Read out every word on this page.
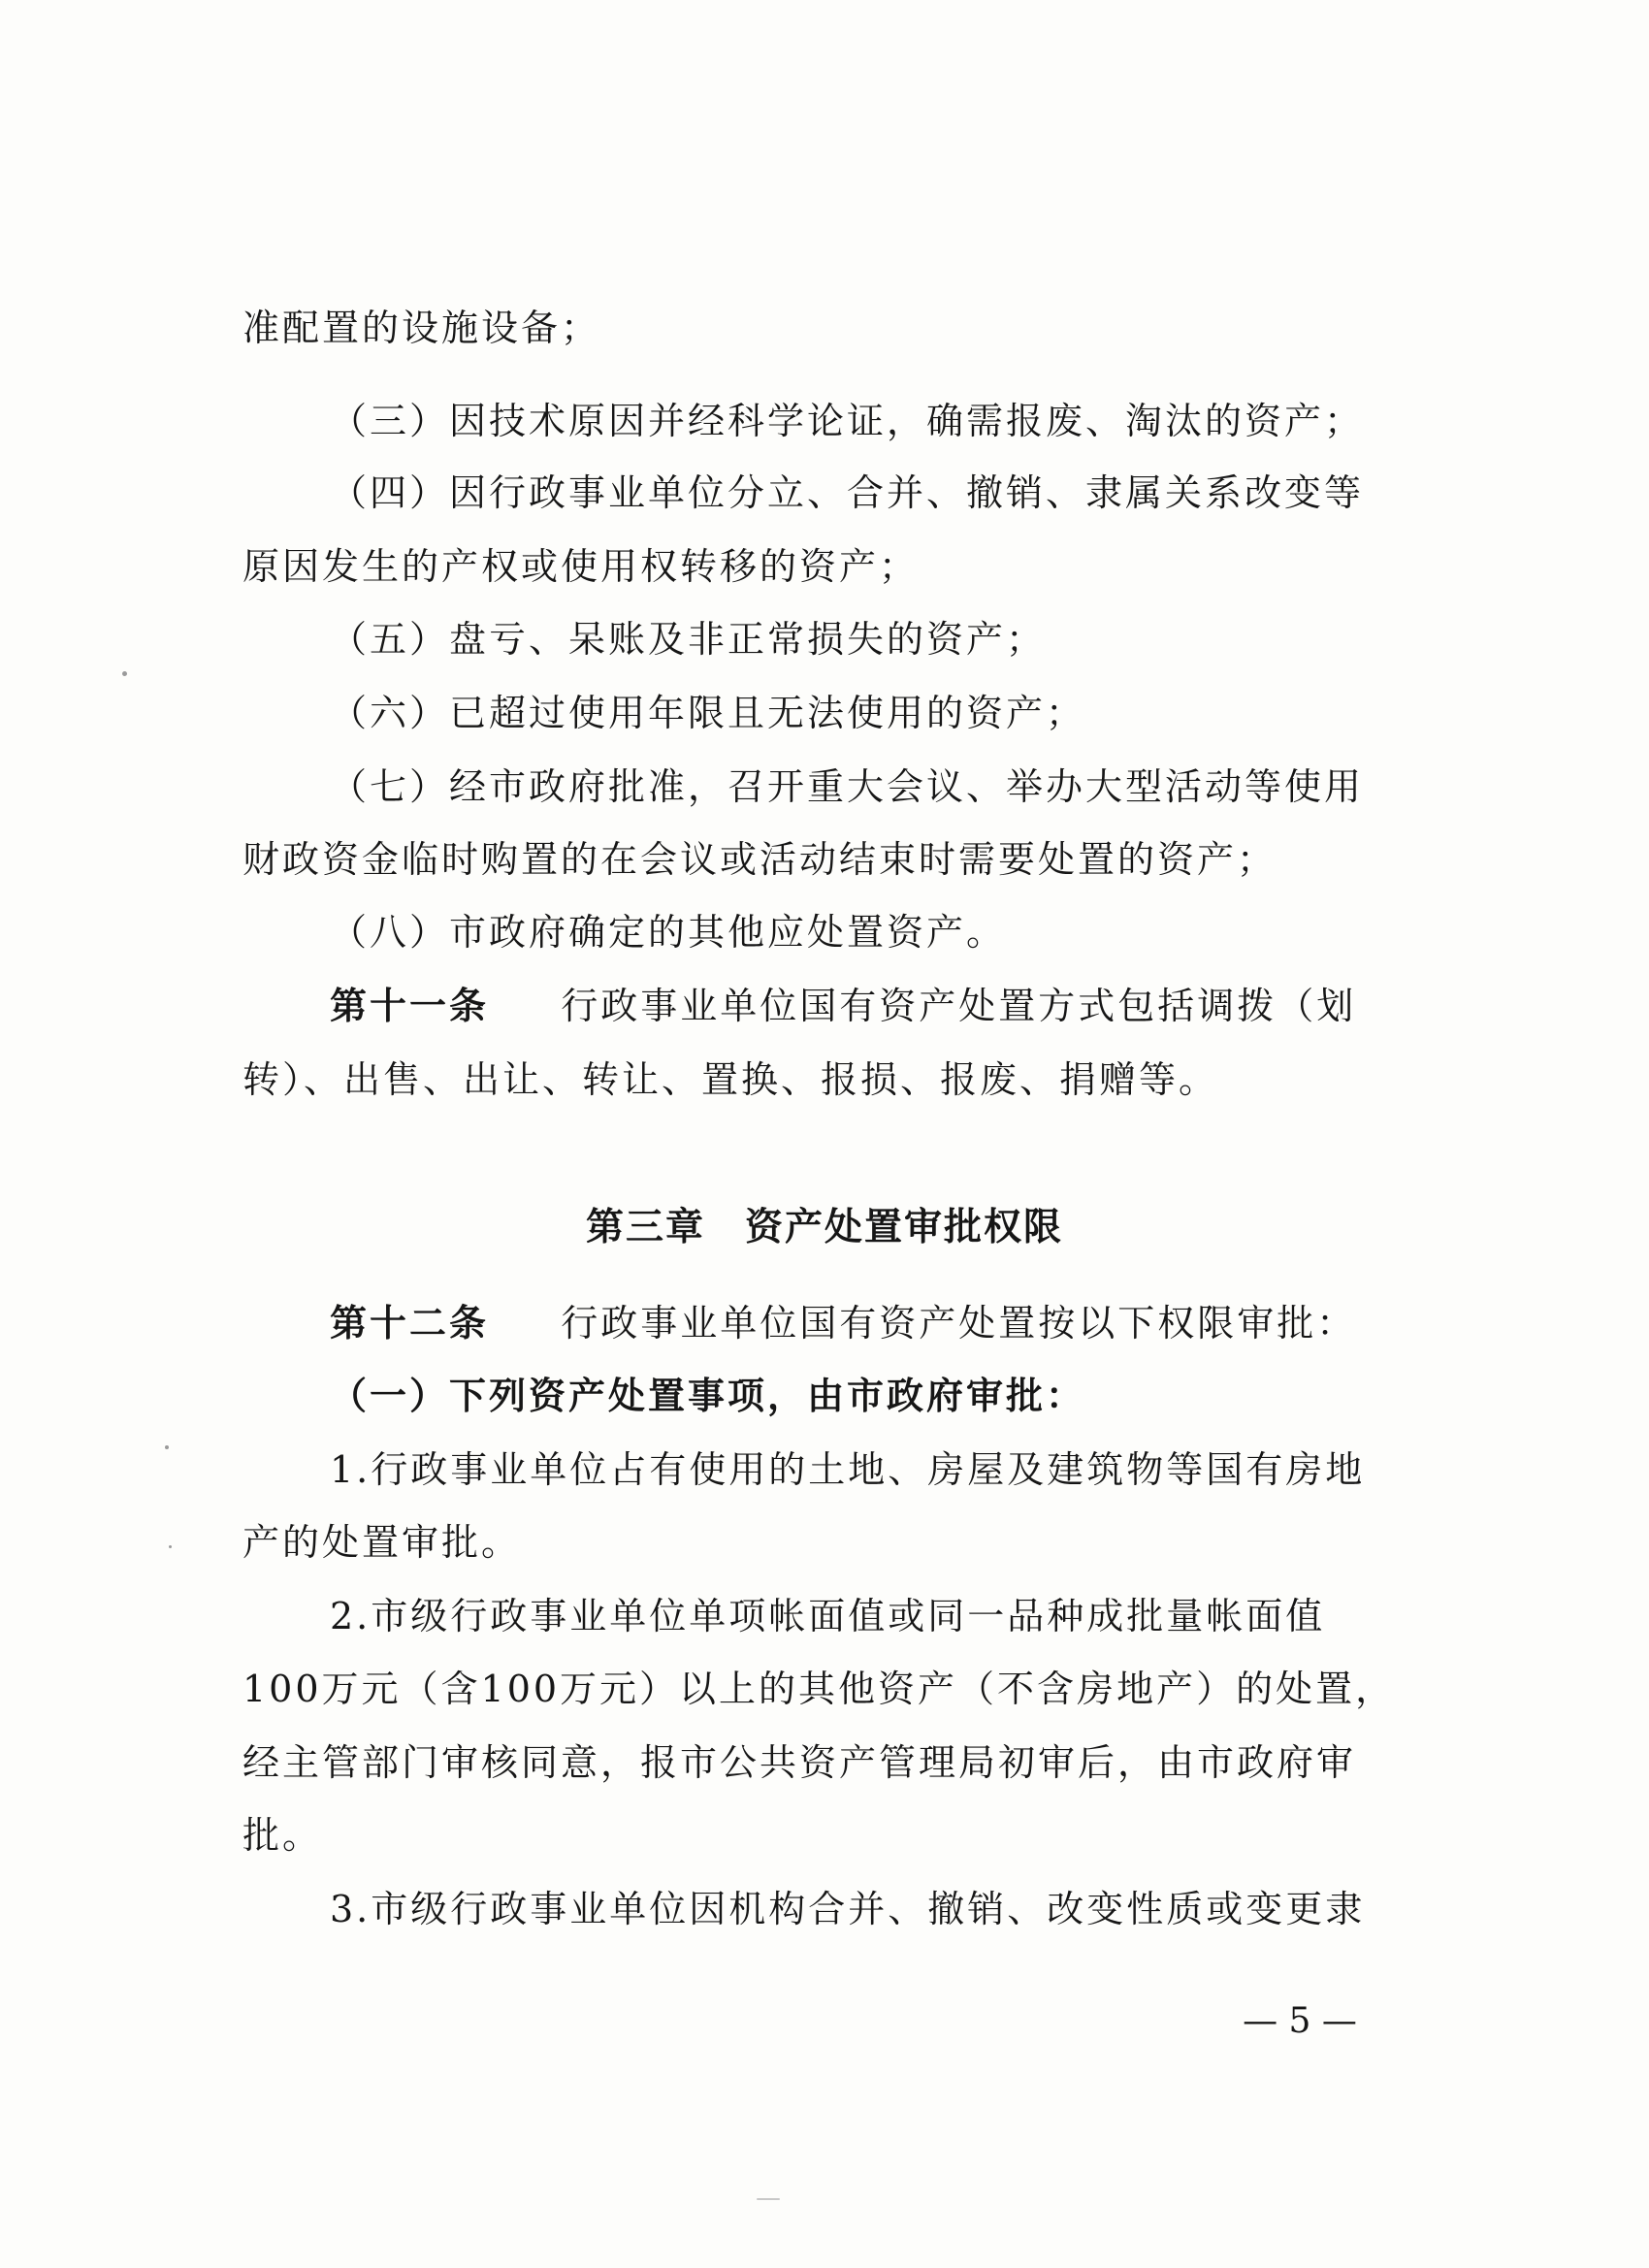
准配置的设施设备；
（三）因技术原因并经科学论证，确需报废、淘汰的资产；
（四）因行政事业单位分立、合并、撤销、隶属关系改变等
原因发生的产权或使用权转移的资产；
（五）盘亏、呆账及非正常损失的资产；
（六）已超过使用年限且无法使用的资产；
（七）经市政府批准，召开重大会议、举办大型活动等使用
财政资金临时购置的在会议或活动结束时需要处置的资产；
（八）市政府确定的其他应处置资产。
第十一条 行政事业单位国有资产处置方式包括调拨（划
转）、出售、出让、转让、置换、报损、报废、捐赠等。
第三章　资产处置审批权限
第十二条 行政事业单位国有资产处置按以下权限审批：
（一）下列资产处置事项，由市政府审批：
1.行政事业单位占有使用的土地、房屋及建筑物等国有房地
产的处置审批。
2.市级行政事业单位单项帐面值或同一品种成批量帐面值
100万元（含100万元）以上的其他资产（不含房地产）的处置，
经主管部门审核同意，报市公共资产管理局初审后，由市政府审
批。
3.市级行政事业单位因机构合并、撤销、改变性质或变更隶
— 5 —
